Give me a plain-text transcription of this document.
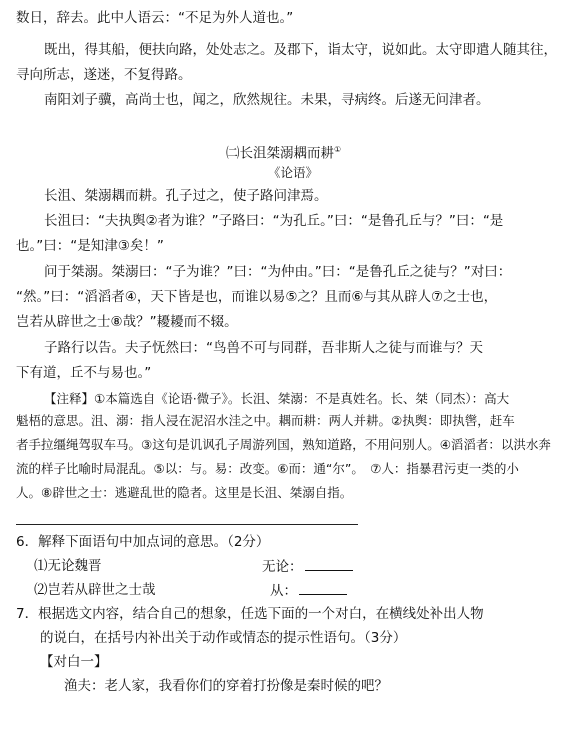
数日，辞去。此中人语云：“不足为外人道也。”
既出，得其船，便扶向路，处处志之。及郡下，诣太守，说如此。太守即遣人随其往，
寻向所志，遂迷，不复得路。
南阳刘子骥，高尚士也，闻之，欣然规往。未果，寻病终。后遂无问津者。
㈡长沮桀溺耦而耕①
《论语》
长沮、桀溺耦而耕。孔子过之，使子路问津焉。
长沮曰：“夫执舆②者为谁？”子路曰：“为孔丘。”曰：“是鲁孔丘与？”曰：“是
也。”曰：“是知津③矣！”
问于桀溺。桀溺曰：“子为谁？”曰：“为仲由。”曰：“是鲁孔丘之徒与？”对曰：
“然。”曰：“滔滔者④，天下皆是也，而谁以易⑤之？且而⑥与其从辟人⑦之士也，
岂若从辟世之士⑧哉？”耰耰而不辍。
子路行以告。夫子怃然曰：“鸟兽不可与同群，吾非斯人之徒与而谁与？天
下有道，丘不与易也。”
【注释】①本篇选自《论语·微子》。长沮、桀溺：不是真姓名。长、桀（同杰）：高大
魁梧的意思。沮、溺：指人浸在泥沼水洼之中。耦而耕：两人并耕。②执舆：即执辔，赶车
者手拉缰绳驾驭车马。③这句是讥讽孔子周游列国，熟知道路，不用问别人。④滔滔者：以洪水奔
流的样子比喻时局混乱。⑤以：与。易：改变。⑥而：通“尔”。　⑦人：指暴君污吏一类的小
人。⑧辟世之士：逃避乱世的隐者。这里是长沮、桀溺自指。
6．解释下面语句中加点词的意思。（2分）
⑴无论魏晋	无论：
⑵岂若从辟世之士哉	从：
7．根据选文内容，结合自己的想象，任选下面的一个对白，在横线处补出人物
的说白，在括号内补出关于动作或情态的提示性语句。（3分）
【对白一】
渔夫：老人家，我看你们的穿着打扮像是秦时候的吧？
